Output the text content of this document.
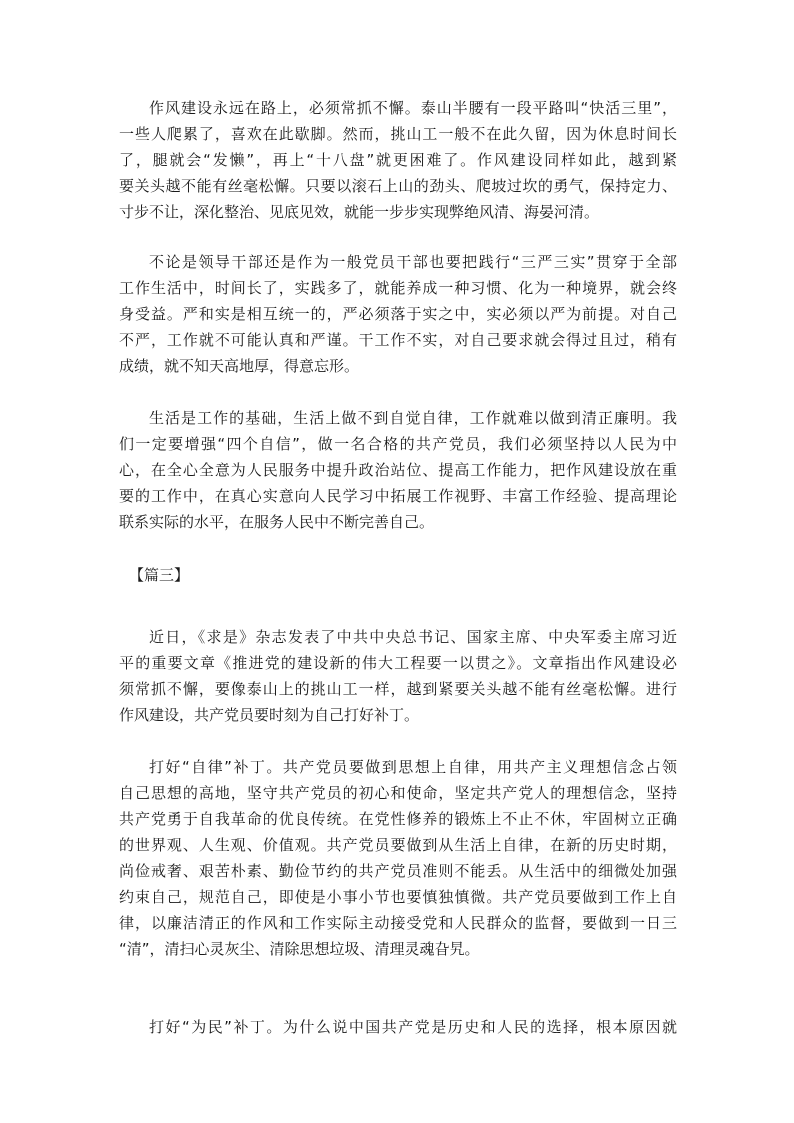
作风建设永远在路上，必须常抓不懈。泰山半腰有一段平路叫“快活三里”，
一些人爬累了，喜欢在此歇脚。然而，挑山工一般不在此久留，因为休息时间长
了，腿就会“发懒”，再上“十八盘”就更困难了。作风建设同样如此，越到紧
要关头越不能有丝毫松懈。只要以滚石上山的劲头、爬坡过坎的勇气，保持定力、
寸步不让，深化整治、见底见效，就能一步步实现弊绝风清、海晏河清。
不论是领导干部还是作为一般党员干部也要把践行“三严三实”贯穿于全部
工作生活中，时间长了，实践多了，就能养成一种习惯、化为一种境界，就会终
身受益。严和实是相互统一的，严必须落于实之中，实必须以严为前提。对自己
不严，工作就不可能认真和严谨。干工作不实，对自己要求就会得过且过，稍有
成绩，就不知天高地厚，得意忘形。
生活是工作的基础，生活上做不到自觉自律，工作就难以做到清正廉明。我
们一定要增强“四个自信”，做一名合格的共产党员，我们必须坚持以人民为中
心，在全心全意为人民服务中提升政治站位、提高工作能力，把作风建设放在重
要的工作中，在真心实意向人民学习中拓展工作视野、丰富工作经验、提高理论
联系实际的水平，在服务人民中不断完善自己。
【篇三】
近日，《求是》杂志发表了中共中央总书记、国家主席、中央军委主席习近
平的重要文章《推进党的建设新的伟大工程要一以贯之》。文章指出作风建设必
须常抓不懈，要像泰山上的挑山工一样，越到紧要关头越不能有丝毫松懈。进行
作风建设，共产党员要时刻为自己打好补丁。
打好“自律”补丁。共产党员要做到思想上自律，用共产主义理想信念占领
自己思想的高地，坚守共产党员的初心和使命，坚定共产党人的理想信念，坚持
共产党勇于自我革命的优良传统。在党性修养的锻炼上不止不休，牢固树立正确
的世界观、人生观、价值观。共产党员要做到从生活上自律，在新的历史时期，
尚俭戒奢、艰苦朴素、勤俭节约的共产党员准则不能丢。从生活中的细微处加强
约束自己，规范自己，即使是小事小节也要慎独慎微。共产党员要做到工作上自
律，以廉洁清正的作风和工作实际主动接受党和人民群众的监督，要做到一日三
“清”，清扫心灵灰尘、清除思想垃圾、清理灵魂旮旯。
打好“为民”补丁。为什么说中国共产党是历史和人民的选择，根本原因就
